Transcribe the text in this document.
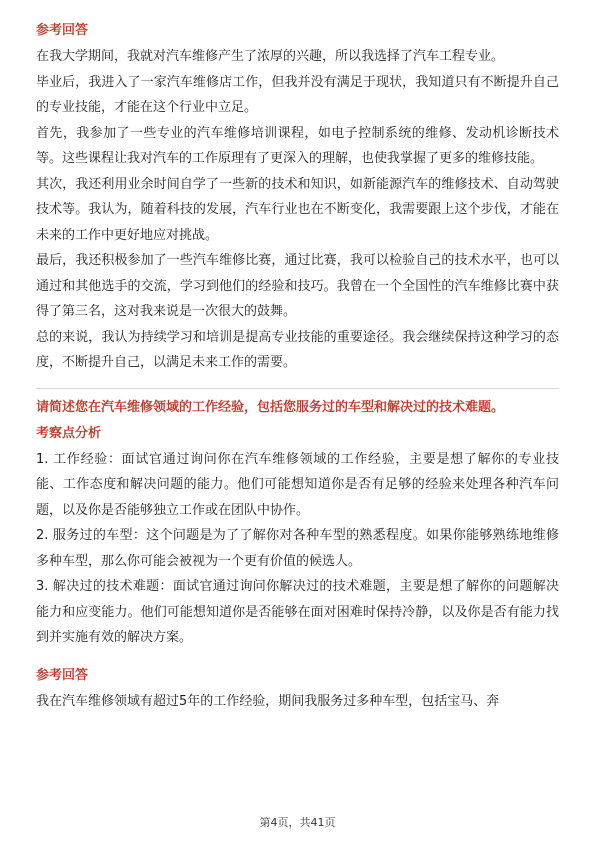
参考回答

在我大学期间，我就对汽车维修产生了浓厚的兴趣，所以我选择了汽车工程专业。

毕业后，我进入了一家汽车维修店工作，但我并没有满足于现状，我知道只有不断提升自己的专业技能，才能在这个行业中立足。

首先，我参加了一些专业的汽车维修培训课程，如电子控制系统的维修、发动机诊断技术等。这些课程让我对汽车的工作原理有了更深入的理解，也使我掌握了更多的维修技能。

其次，我还利用业余时间自学了一些新的技术和知识，如新能源汽车的维修技术、自动驾驶技术等。我认为，随着科技的发展，汽车行业也在不断变化，我需要跟上这个步伐，才能在未来的工作中更好地应对挑战。

最后，我还积极参加了一些汽车维修比赛，通过比赛，我可以检验自己的技术水平，也可以通过和其他选手的交流，学习到他们的经验和技巧。我曾在一个全国性的汽车维修比赛中获得了第三名，这对我来说是一次很大的鼓舞。

总的来说，我认为持续学习和培训是提高专业技能的重要途径。我会继续保持这种学习的态度，不断提升自己，以满足未来工作的需要。

请简述您在汽车维修领域的工作经验，包括您服务过的车型和解决过的技术难题。
考察点分析

1. 工作经验：面试官通过询问你在汽车维修领域的工作经验，主要是想了解你的专业技能、工作态度和解决问题的能力。他们可能想知道你是否有足够的经验来处理各种汽车问题，以及你是否能够独立工作或在团队中协作。

2. 服务过的车型：这个问题是为了了解你对各种车型的熟悉程度。如果你能够熟练地维修多种车型，那么你可能会被视为一个更有价值的候选人。

3. 解决过的技术难题：面试官通过询问你解决过的技术难题，主要是想了解你的问题解决能力和应变能力。他们可能想知道你是否能够在面对困难时保持冷静，以及你是否有能力找到并实施有效的解决方案。

参考回答

我在汽车维修领域有超过5年的工作经验，期间我服务过多种车型，包括宝马、奔

第4页，共41页
